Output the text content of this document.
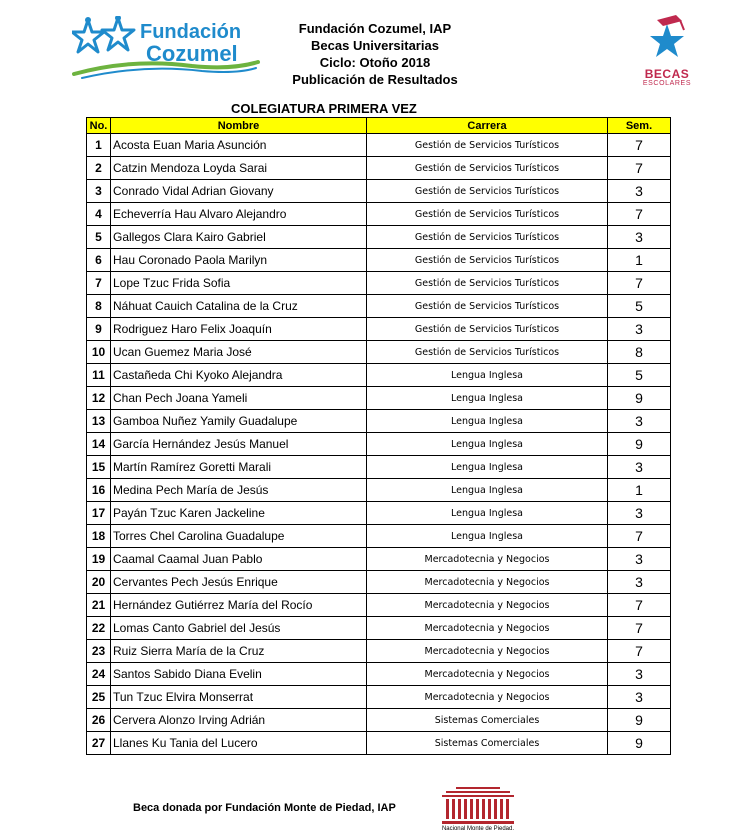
Fundación
Cozumel
Fundación Cozumel, IAP
Becas Universitarias
Ciclo: Otoño 2018
Publicación de Resultados	BECAS
ESCOLARES
COLEGIATURA PRIMERA VEZ
No.	Nombre	Carrera	Sem.
1	Acosta Euan Maria Asunción	Gestión de Servicios Turísticos	7
2	Catzin Mendoza Loyda Sarai	Gestión de Servicios Turísticos	7
3	Conrado Vidal Adrian Giovany	Gestión de Servicios Turísticos	3
4	Echeverría Hau Alvaro Alejandro	Gestión de Servicios Turísticos	7
5	Gallegos Clara Kairo Gabriel	Gestión de Servicios Turísticos	3
6	Hau Coronado Paola Marilyn	Gestión de Servicios Turísticos	1
7	Lope Tzuc Frida Sofia	Gestión de Servicios Turísticos	7
8	Náhuat Cauich Catalina de la Cruz	Gestión de Servicios Turísticos	5
9	Rodriguez Haro Felix Joaquín	Gestión de Servicios Turísticos	3
10	Ucan Guemez Maria José	Gestión de Servicios Turísticos	8
11	Castañeda Chi Kyoko Alejandra	Lengua Inglesa	5
12	Chan Pech Joana Yameli	Lengua Inglesa	9
13	Gamboa Nuñez Yamily Guadalupe	Lengua Inglesa	3
14	García Hernández Jesús Manuel	Lengua Inglesa	9
15	Martín Ramírez Goretti Marali	Lengua Inglesa	3
16	Medina Pech María de Jesús	Lengua Inglesa	1
17	Payán Tzuc Karen Jackeline	Lengua Inglesa	3
18	Torres Chel Carolina Guadalupe	Lengua Inglesa	7
19	Caamal Caamal Juan Pablo	Mercadotecnia y Negocios	3
20	Cervantes Pech Jesús Enrique	Mercadotecnia y Negocios	3
21	Hernández Gutiérrez María del Rocío	Mercadotecnia y Negocios	7
22	Lomas Canto Gabriel del Jesús	Mercadotecnia y Negocios	7
23	Ruiz Sierra María de la Cruz	Mercadotecnia y Negocios	7
24	Santos Sabido Diana Evelin	Mercadotecnia y Negocios	3
25	Tun Tzuc Elvira Monserrat	Mercadotecnia y Negocios	3
26	Cervera Alonzo Irving Adrián	Sistemas Comerciales	9
27	Llanes Ku Tania del Lucero	Sistemas Comerciales	9
Beca donada por Fundación Monte de Piedad, IAP
Nacional Monte de Piedad.
